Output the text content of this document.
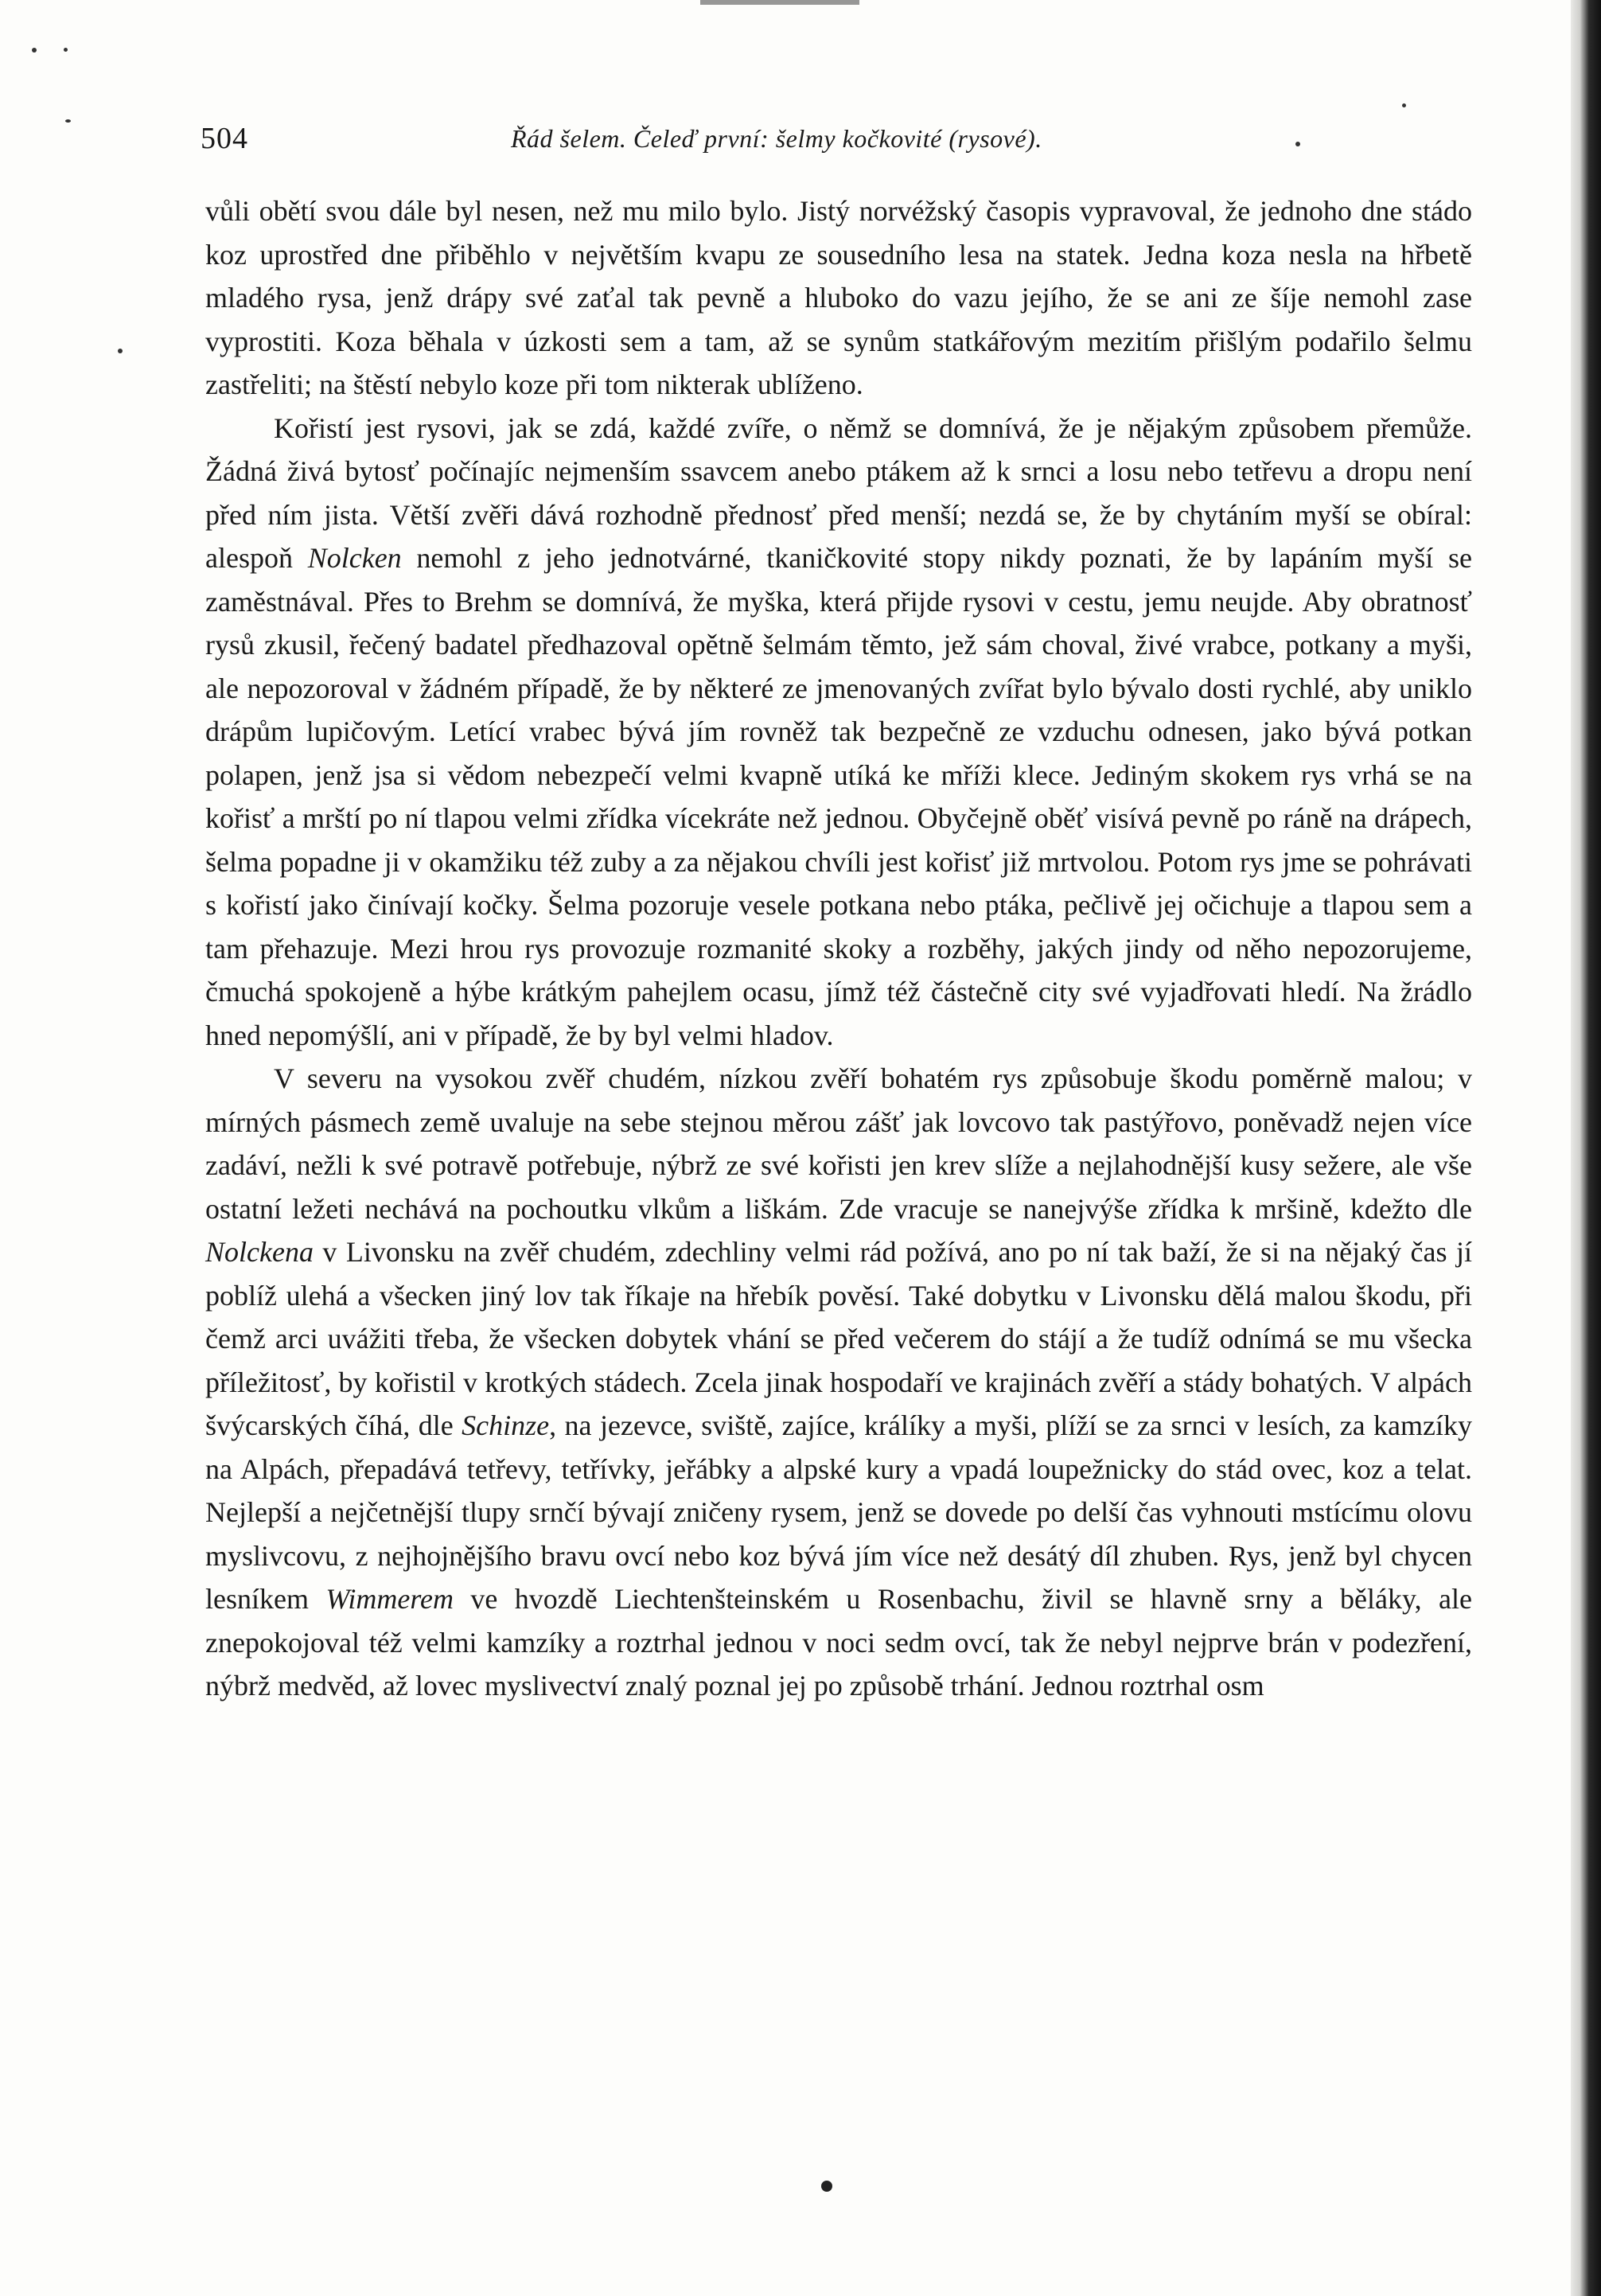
504	Řád šelem. Čeleď první: šelmy kočkovité (rysové).

vůli obětí svou dále byl nesen, než mu milo bylo. Jistý norvéžský časopis vypravoval, že jednoho dne stádo koz uprostřed dne přiběhlo v největším kvapu ze sousedního lesa na statek. Jedna koza nesla na hřbetě mladého rysa, jenž drápy své zaťal tak pevně a hluboko do vazu jejího, že se ani ze šíje nemohl zase vyprostiti. Koza běhala v úzkosti sem a tam, až se synům statkářovým mezitím přišlým podařilo šelmu zastřeliti; na štěstí nebylo koze při tom nikterak ublíženo.

Kořistí jest rysovi, jak se zdá, každé zvíře, o němž se domnívá, že je nějakým způsobem přemůže. Žádná živá bytosť počínajíc nejmenším ssavcem anebo ptákem až k srnci a losu nebo tetřevu a dropu není před ním jista. Větší zvěři dává rozhodně přednosť před menší; nezdá se, že by chytáním myší se obíral: alespoň Nolcken nemohl z jeho jednotvárné, tkaničkovité stopy nikdy poznati, že by lapáním myší se zaměstnával. Přes to Brehm se domnívá, že myška, která přijde rysovi v cestu, jemu neujde. Aby obratnosť rysů zkusil, řečený badatel předhazoval opětně šelmám těmto, jež sám choval, živé vrabce, potkany a myši, ale nepozoroval v žádném případě, že by některé ze jmenovaných zvířat bylo bývalo dosti rychlé, aby uniklo drápům lupičovým. Letící vrabec bývá jím rovněž tak bezpečně ze vzduchu odnesen, jako bývá potkan polapen, jenž jsa si vědom nebezpečí velmi kvapně utíká ke mříži klece. Jediným skokem rys vrhá se na kořisť a mrští po ní tlapou velmi zřídka vícekráte než jednou. Obyčejně oběť visívá pevně po ráně na drápech, šelma popadne ji v okamžiku též zuby a za nějakou chvíli jest kořisť již mrtvolou. Potom rys jme se pohrávati s kořistí jako činívají kočky. Šelma pozoruje vesele potkana nebo ptáka, pečlivě jej očichuje a tlapou sem a tam přehazuje. Mezi hrou rys provozuje rozmanité skoky a rozběhy, jakých jindy od něho nepozorujeme, čmuchá spokojeně a hýbe krátkým pahejlem ocasu, jímž též částečně city své vyjadřovati hledí. Na žrádlo hned nepomýšlí, ani v případě, že by byl velmi hladov.

V severu na vysokou zvěř chudém, nízkou zvěří bohatém rys způsobuje škodu poměrně malou; v mírných pásmech země uvaluje na sebe stejnou měrou zášť jak lovcovo tak pastýřovo, poněvadž nejen více zadáví, nežli k své potravě potřebuje, nýbrž ze své kořisti jen krev slíže a nejlahodnější kusy sežere, ale vše ostatní ležeti nechává na pochoutku vlkům a liškám. Zde vracuje se nanejvýše zřídka k mršině, kdežto dle Nolckena v Livonsku na zvěř chudém, zdechliny velmi rád požívá, ano po ní tak baží, že si na nějaký čas jí poblíž ulehá a všecken jiný lov tak říkaje na hřebík pověsí. Také dobytku v Livonsku dělá malou škodu, při čemž arci uvážiti třeba, že všecken dobytek vhání se před večerem do stájí a že tudíž odnímá se mu všecka příležitosť, by kořistil v krotkých stádech. Zcela jinak hospodaří ve krajinách zvěří a stády bohatých. V alpách švýcarských číhá, dle Schinze, na jezevce, sviště, zajíce, králíky a myši, plíží se za srnci v lesích, za kamzíky na Alpách, přepadává tetřevy, tetřívky, jeřábky a alpské kury a vpadá loupežnicky do stád ovec, koz a telat. Nejlepší a nejčetnější tlupy srnčí bývají zničeny rysem, jenž se dovede po delší čas vyhnouti mstícímu olovu myslivcovu, z nejhojnějšího bravu ovcí nebo koz bývá jím více než desátý díl zhuben. Rys, jenž byl chycen lesníkem Wimmerem ve hvozdě Liechtenšteinském u Rosenbachu, živil se hlavně srny a běláky, ale znepokojoval též velmi kamzíky a roztrhal jednou v noci sedm ovcí, tak že nebyl nejprve brán v podezření, nýbrž medvěd, až lovec myslivectví znalý poznal jej po způsobě trhání. Jednou roztrhal osm
